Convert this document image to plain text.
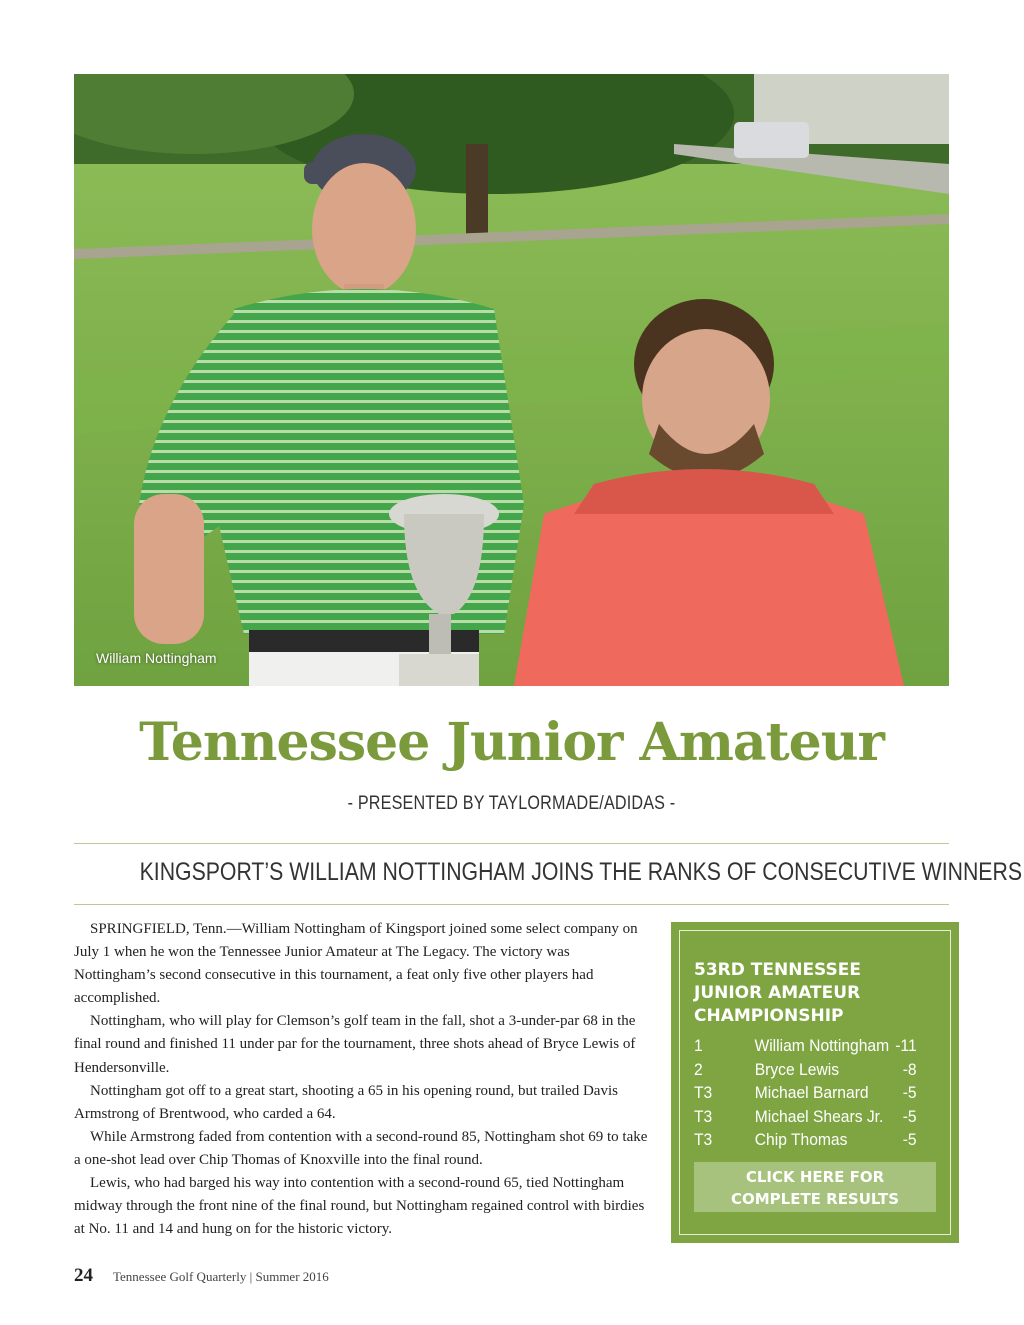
William Nottingham
Tennessee Junior Amateur
- PRESENTED BY TAYLORMADE/ADIDAS -
KINGSPORT’S WILLIAM NOTTINGHAM JOINS THE RANKS OF CONSECUTIVE WINNERS

SPRINGFIELD, Tenn.—William Nottingham of Kingsport joined some select company on July 1 when he won the Tennessee Junior Amateur at The Legacy. The victory was Nottingham’s second consecutive in this tournament, a feat only five other players had accomplished.

Nottingham, who will play for Clemson’s golf team in the fall, shot a 3-under-par 68 in the final round and finished 11 under par for the tournament, three shots ahead of Bryce Lewis of Hendersonville.

Nottingham got off to a great start, shooting a 65 in his opening round, but trailed Davis Armstrong of Brentwood, who carded a 64.

While Armstrong faded from contention with a second-round 85, Nottingham shot 69 to take a one-shot lead over Chip Thomas of Knoxville into the final round.

Lewis, who had barged his way into contention with a second-round 65, tied Nottingham midway through the front nine of the final round, but Nottingham regained control with birdies at No. 11 and 14 and hung on for the historic victory.

53RD TENNESSEE
JUNIOR AMATEUR
CHAMPIONSHIP
1	William Nottingham -11
2	Bryce Lewis	-8
T3	Michael Barnard	-5
T3	Michael Shears Jr.	-5
T3	Chip Thomas	-5
CLICK HERE FOR
COMPLETE RESULTS
24 Tennessee Golf Quarterly | Summer 2016
